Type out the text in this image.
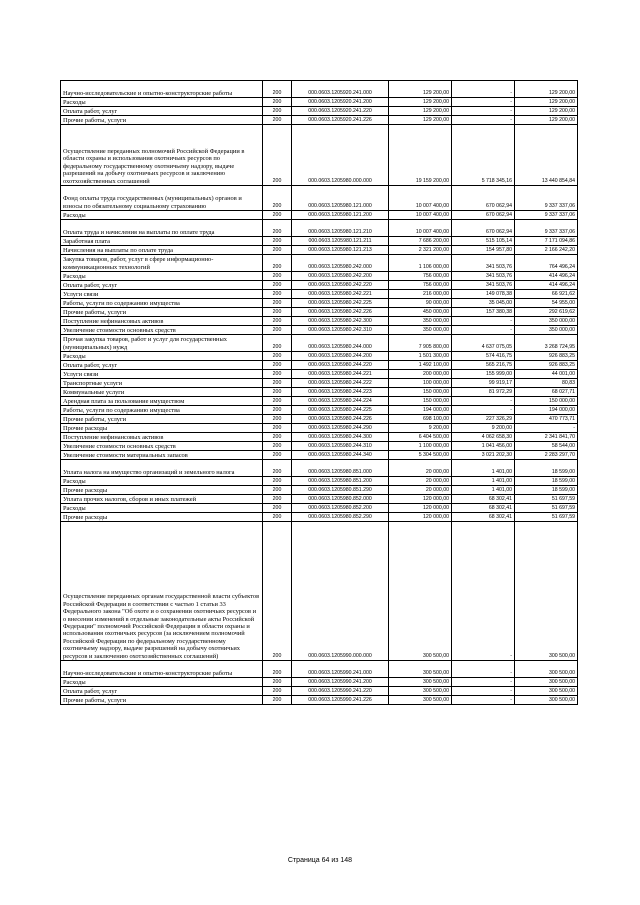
Научно-исследовательские и опытно-конструкторские работы	200	000.0603.1205920.241.000	129 200,00	-	129 200,00
Расходы	200	000.0603.1205920.241.200	129 200,00	-	129 200,00
Оплата работ, услуг	200	000.0603.1205920.241.220	129 200,00	-	129 200,00
Прочие работы, услуги	200	000.0603.1205920.241.226	129 200,00	-	129 200,00
Осуществление переданных полномочий Российской Федерации в области охраны и использования охотничьих ресурсов по федеральному государственному охотничьему надзору, выдаче разрешений на добычу охотничьих ресурсов и заключению охотхозяйственных соглашений	200	000.0603.1205980.000.000	19 159 200,00	5 718 345,16	13 440 854,84
Фонд оплаты труда государственных (муниципальных) органов и взносы по обязательному социальному страхованию	200	000.0603.1205980.121.000	10 007 400,00	670 062,94	9 337 337,06
Расходы	200	000.0603.1205980.121.200	10 007 400,00	670 062,94	9 337 337,06
Оплата труда и начисления на выплаты по оплате труда	200	000.0603.1205980.121.210	10 007 400,00	670 062,94	9 337 337,06
Заработная плата	200	000.0603.1205980.121.211	7 686 200,00	515 105,14	7 171 094,86
Начисления на выплаты по оплате труда	200	000.0603.1205980.121.213	2 321 200,00	154 957,80	2 166 242,20
Закупка товаров, работ, услуг в сфере информационно-коммуникационных технологий	200	000.0603.1205980.242.000	1 106 000,00	341 503,76	764 496,24
Расходы	200	000.0603.1205980.242.200	756 000,00	341 503,76	414 496,24
Оплата работ, услуг	200	000.0603.1205980.242.220	756 000,00	341 503,76	414 496,24
Услуги связи	200	000.0603.1205980.242.221	216 000,00	149 078,38	66 921,62
Работы, услуги по содержанию имущества	200	000.0603.1205980.242.225	90 000,00	35 045,00	54 955,00
Прочие работы, услуги	200	000.0603.1205980.242.226	450 000,00	157 380,38	292 619,62
Поступление нефинансовых активов	200	000.0603.1205980.242.300	350 000,00	-	350 000,00
Увеличение стоимости основных средств	200	000.0603.1205980.242.310	350 000,00	-	350 000,00
Прочая закупка товаров, работ и услуг для государственных (муниципальных) нужд	200	000.0603.1205980.244.000	7 905 800,00	4 637 075,05	3 268 724,95
Расходы	200	000.0603.1205980.244.200	1 501 300,00	574 416,75	926 883,25
Оплата работ, услуг	200	000.0603.1205980.244.220	1 492 100,00	565 216,75	926 883,25
Услуги связи	200	000.0603.1205980.244.221	200 000,00	155 999,00	44 001,00
Транспортные услуги	200	000.0603.1205980.244.222	100 000,00	99 919,17	80,83
Коммунальные услуги	200	000.0603.1205980.244.223	150 000,00	81 972,29	68 027,71
Арендная плата за пользование имуществом	200	000.0603.1205980.244.224	150 000,00	-	150 000,00
Работы, услуги по содержанию имущества	200	000.0603.1205980.244.225	194 000,00	-	194 000,00
Прочие работы, услуги	200	000.0603.1205980.244.226	698 100,00	227 326,29	470 773,71
Прочие расходы	200	000.0603.1205980.244.290	9 200,00	9 200,00	-
Поступление нефинансовых активов	200	000.0603.1205980.244.300	6 404 500,00	4 062 658,30	2 341 841,70
Увеличение стоимости основных средств	200	000.0603.1205980.244.310	1 100 000,00	1 041 456,00	58 544,00
Увеличение стоимости материальных запасов	200	000.0603.1205980.244.340	5 304 500,00	3 021 202,30	2 283 297,70
Уплата налога на имущество организаций и земельного налога	200	000.0603.1205980.851.000	20 000,00	1 401,00	18 599,00
Расходы	200	000.0603.1205980.851.200	20 000,00	1 401,00	18 599,00
Прочие расходы	200	000.0603.1205980.851.290	20 000,00	1 401,00	18 599,00
Уплата прочих налогов, сборов и иных платежей	200	000.0603.1205980.852.000	120 000,00	68 302,41	51 697,59
Расходы	200	000.0603.1205980.852.200	120 000,00	68 302,41	51 697,59
Прочие расходы	200	000.0603.1205980.852.290	120 000,00	68 302,41	51 697,59
Осуществление переданных органам государственной власти субъектов Российской Федерации в соответствии с частью 1 статьи 33 Федерального закона "Об охоте и о сохранении охотничьих ресурсов и о внесении изменений в отдельные законодательные акты Российской Федерации" полномочий Российской Федерации в области охраны и использования охотничьих ресурсов (за исключением полномочий Российской Федерации по федеральному государственному охотничьему надзору, выдаче разрешений на добычу охотничьих ресурсов и заключению охотхозяйственных соглашений)	200	000.0603.1205990.000.000	300 500,00	-	300 500,00
Научно-исследовательские и опытно-конструкторские работы	200	000.0603.1205990.241.000	300 500,00	-	300 500,00
Расходы	200	000.0603.1205990.241.200	300 500,00	-	300 500,00
Оплата работ, услуг	200	000.0603.1205990.241.220	300 500,00	-	300 500,00
Прочие работы, услуги	200	000.0603.1205990.241.226	300 500,00	-	300 500,00
Страница 64 из 148
